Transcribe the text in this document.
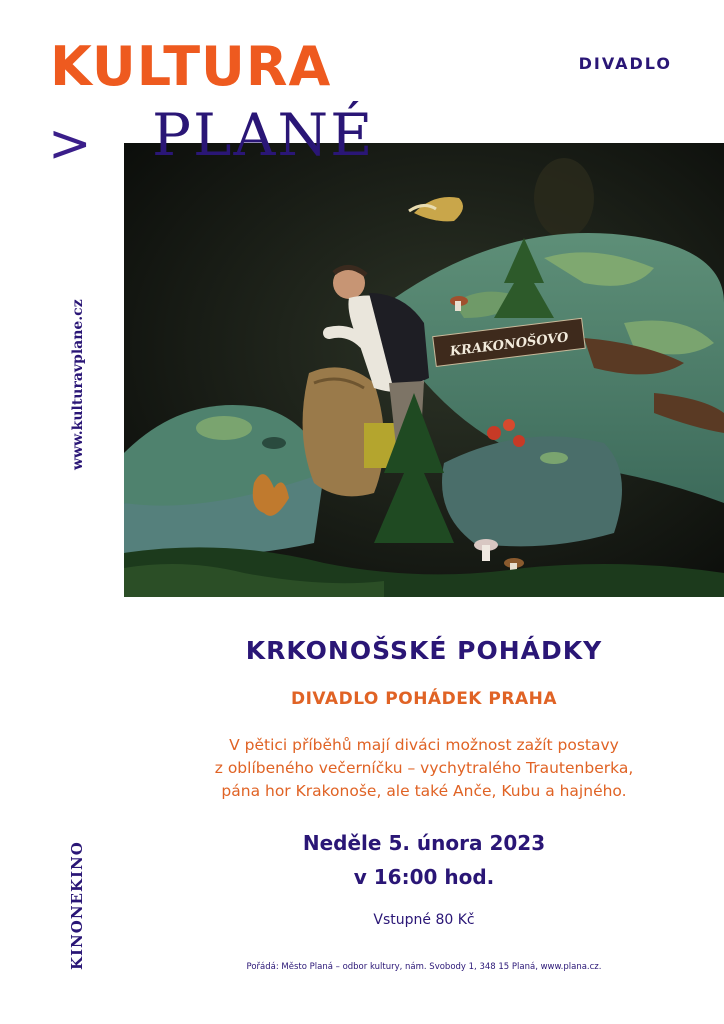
KULTURA
> PLANÉ
DIVADLO
www.kulturavplane.cz
KINONEKINO
KRAKONOŠOVO
KRKONOŠSKÉ POHÁDKY
DIVADLO POHÁDEK PRAHA
V pětici příběhů mají diváci možnost zažít postavy
z oblíbeného večerníčku – vychytralého Trautenberka,
pána hor Krakonoše, ale také Anče, Kubu a hajného.
Neděle 5. února 2023
v 16:00 hod.
Vstupné 80 Kč
Pořádá: Město Planá – odbor kultury, nám. Svobody 1, 348 15 Planá, www.plana.cz.
